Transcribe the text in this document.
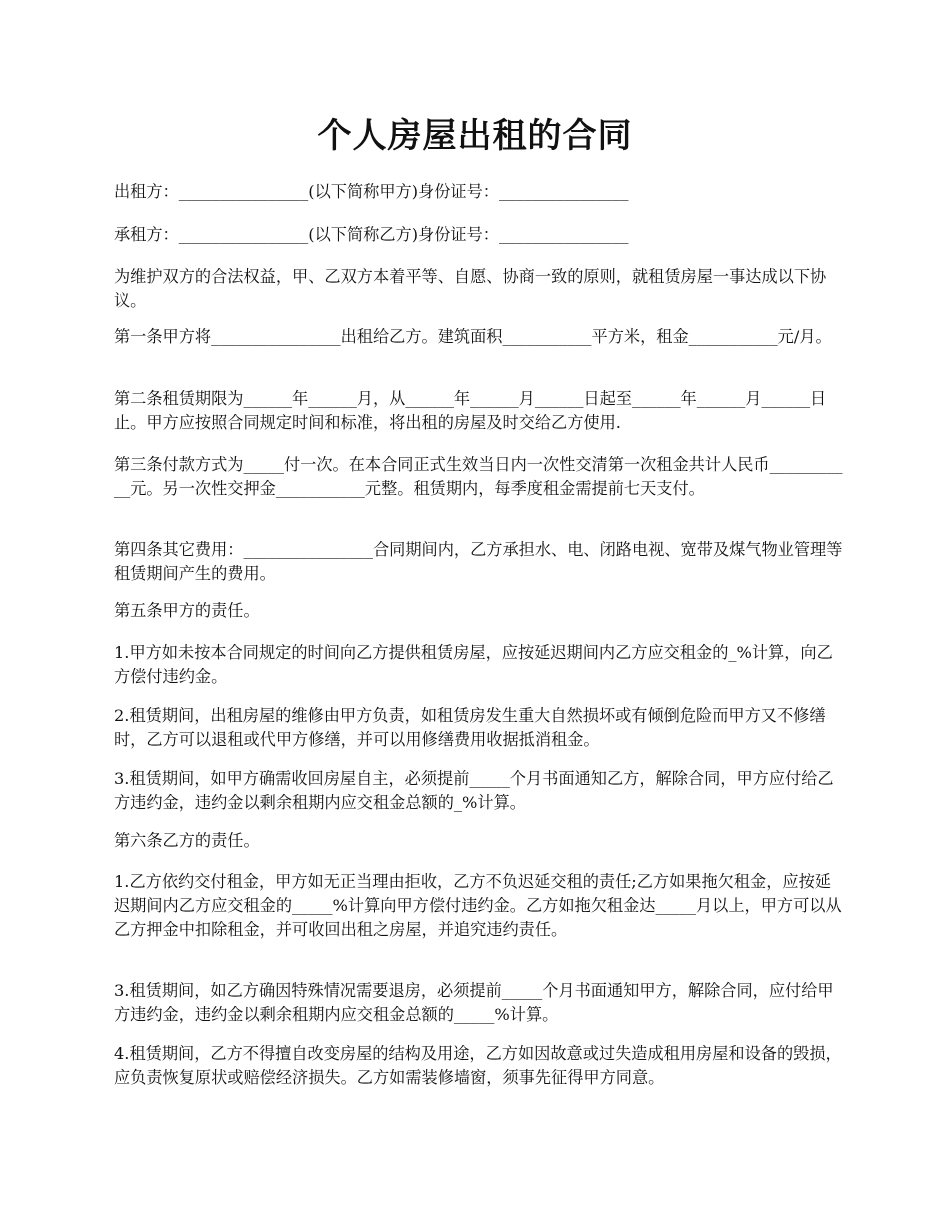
个人房屋出租的合同

出租方：________________(以下简称甲方)身份证号：________________

承租方：________________(以下简称乙方)身份证号：________________

为维护双方的合法权益，甲、乙双方本着平等、自愿、协商一致的原则，就租赁房屋一事达成以下协议。

第一条甲方将________________出租给乙方。建筑面积___________平方米，租金___________元/月。

第二条租赁期限为______年______月，从______年______月______日起至______年______月______日止。甲方应按照合同规定时间和标准，将出租的房屋及时交给乙方使用.

第三条付款方式为_____付一次。在本合同正式生效当日内一次性交清第一次租金共计人民币___________元。另一次性交押金___________元整。租赁期内，每季度租金需提前七天支付。

第四条其它费用：________________合同期间内，乙方承担水、电、闭路电视、宽带及煤气物业管理等租赁期间产生的费用。

第五条甲方的责任。

1.甲方如未按本合同规定的时间向乙方提供租赁房屋，应按延迟期间内乙方应交租金的_%计算，向乙方偿付违约金。

2.租赁期间，出租房屋的维修由甲方负责，如租赁房发生重大自然损坏或有倾倒危险而甲方又不修缮时，乙方可以退租或代甲方修缮，并可以用修缮费用收据抵消租金。

3.租赁期间，如甲方确需收回房屋自主，必须提前_____个月书面通知乙方，解除合同，甲方应付给乙方违约金，违约金以剩余租期内应交租金总额的_%计算。

第六条乙方的责任。

1.乙方依约交付租金，甲方如无正当理由拒收，乙方不负迟延交租的责任;乙方如果拖欠租金，应按延迟期间内乙方应交租金的_____%计算向甲方偿付违约金。乙方如拖欠租金达_____月以上，甲方可以从乙方押金中扣除租金，并可收回出租之房屋，并追究违约责任。

3.租赁期间，如乙方确因特殊情况需要退房，必须提前_____个月书面通知甲方，解除合同，应付给甲方违约金，违约金以剩余租期内应交租金总额的_____%计算。

4.租赁期间，乙方不得擅自改变房屋的结构及用途，乙方如因故意或过失造成租用房屋和设备的毁损，应负责恢复原状或赔偿经济损失。乙方如需装修墙窗，须事先征得甲方同意。
